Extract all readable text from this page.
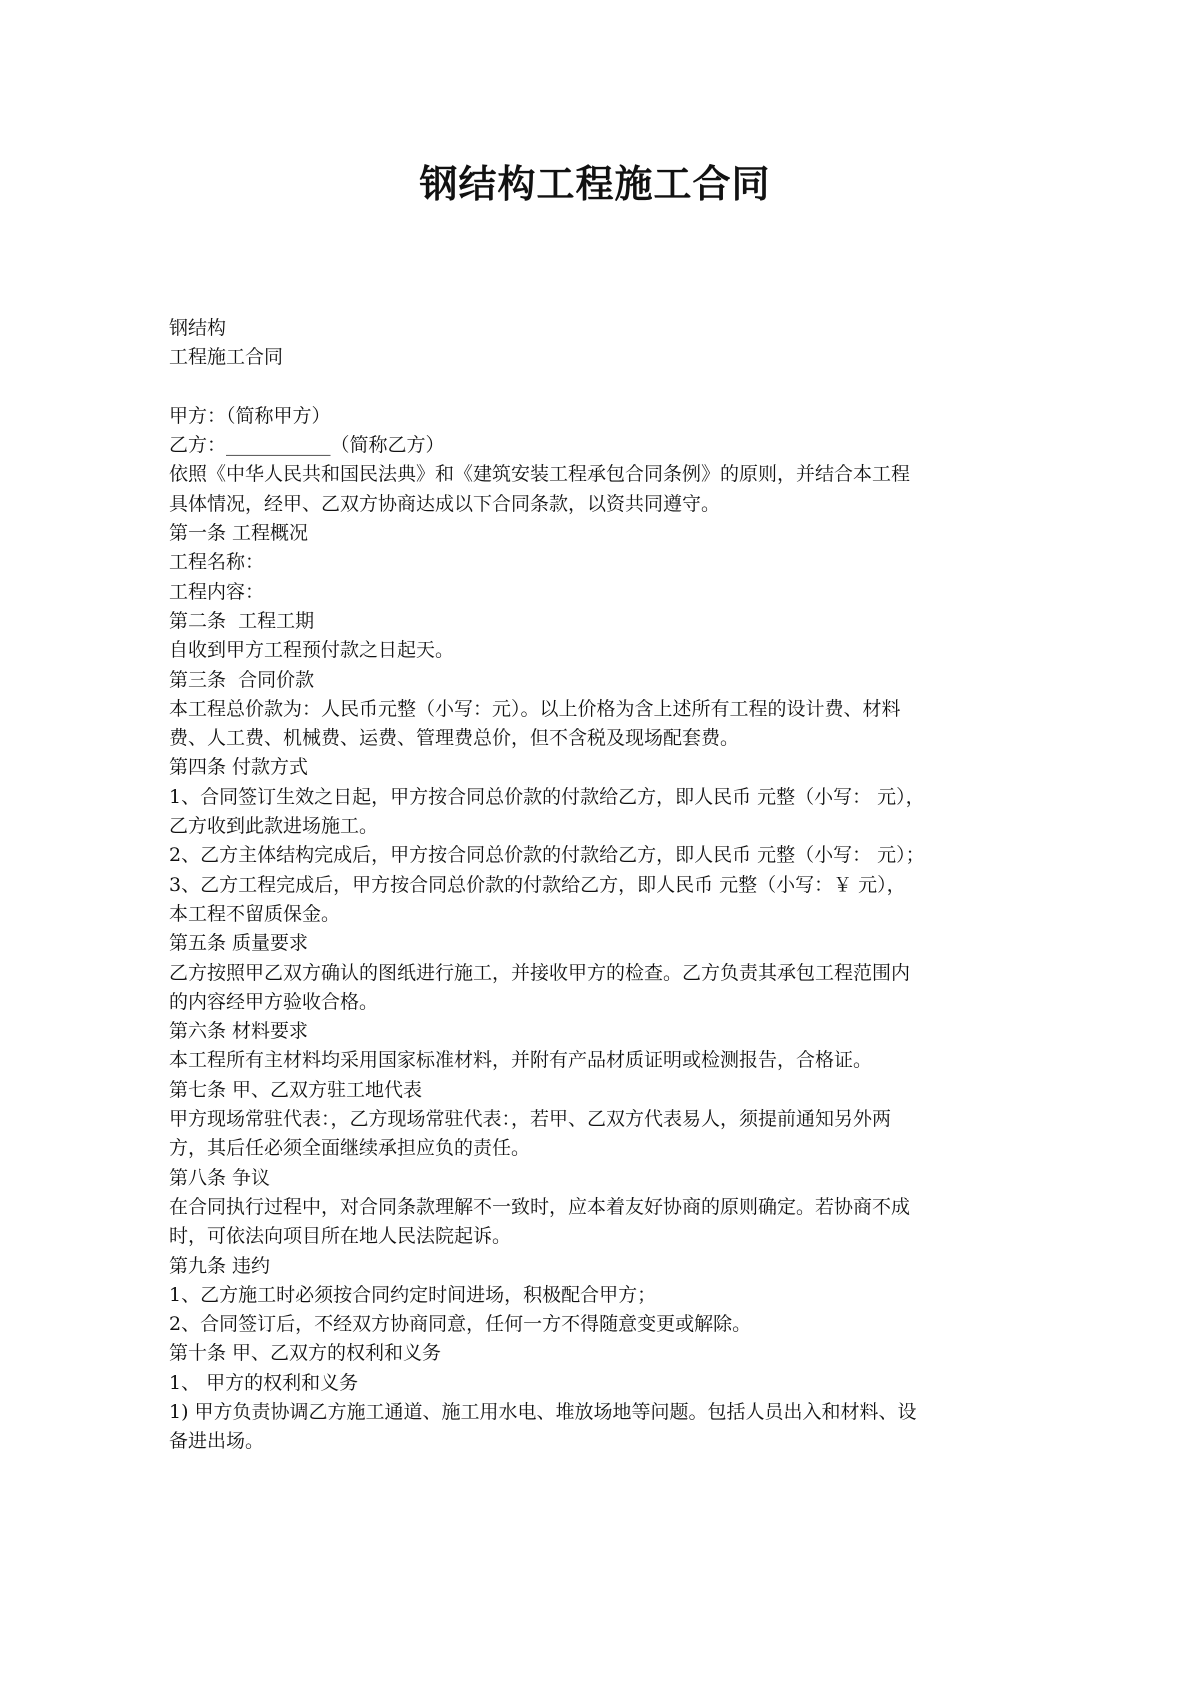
钢结构工程施工合同
钢结构
工程施工合同
甲方：（简称甲方）
乙方：___________（简称乙方）
依照《中华人民共和国民法典》和《建筑安装工程承包合同条例》的原则，并结合本工程
具体情况，经甲、乙双方协商达成以下合同条款，以资共同遵守。
第一条 工程概况
工程名称：
工程内容：
第二条  工程工期
自收到甲方工程预付款之日起天。
第三条  合同价款
本工程总价款为：人民币元整（小写：元）。以上价格为含上述所有工程的设计费、材料
费、人工费、机械费、运费、管理费总价，但不含税及现场配套费。
第四条 付款方式
1、合同签订生效之日起，甲方按合同总价款的付款给乙方，即人民币 元整（小写： 元），
乙方收到此款进场施工。
2、乙方主体结构完成后，甲方按合同总价款的付款给乙方，即人民币 元整（小写： 元）；
3、乙方工程完成后，甲方按合同总价款的付款给乙方，即人民币 元整（小写：￥ 元），
本工程不留质保金。
第五条 质量要求
乙方按照甲乙双方确认的图纸进行施工，并接收甲方的检查。乙方负责其承包工程范围内
的内容经甲方验收合格。
第六条 材料要求
本工程所有主材料均采用国家标准材料，并附有产品材质证明或检测报告，合格证。
第七条 甲、乙双方驻工地代表
甲方现场常驻代表：，乙方现场常驻代表：，若甲、乙双方代表易人，须提前通知另外两
方，其后任必须全面继续承担应负的责任。
第八条 争议
在合同执行过程中，对合同条款理解不一致时，应本着友好协商的原则确定。若协商不成
时，可依法向项目所在地人民法院起诉。
第九条 违约
1、乙方施工时必须按合同约定时间进场，积极配合甲方；
2、合同签订后，不经双方协商同意，任何一方不得随意变更或解除。
第十条 甲、乙双方的权利和义务
1、 甲方的权利和义务
1) 甲方负责协调乙方施工通道、施工用水电、堆放场地等问题。包括人员出入和材料、设
备进出场。
